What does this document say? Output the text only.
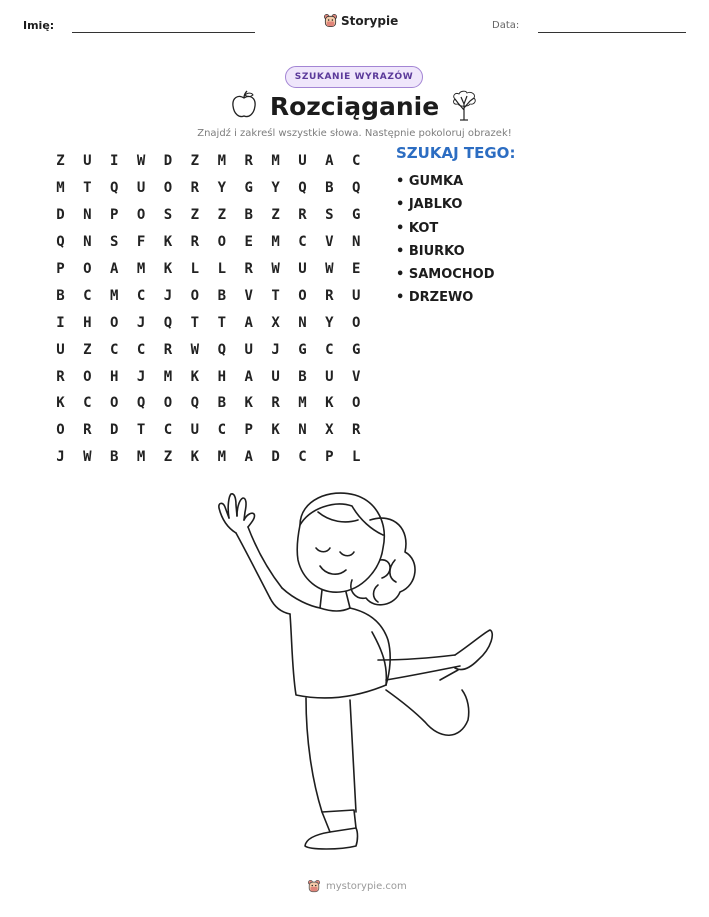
Imię:	Storypie	Data:
SZUKANIE WYRAZÓW
Rozciąganie
Znajdź i zakreśl wszystkie słowa. Następnie pokoloruj obrazek!
Z	U	I	W	D	Z	M	R	M	U	A	C
M	T	Q	U	O	R	Y	G	Y	Q	B	Q
D	N	P	O	S	Z	Z	B	Z	R	S	G
Q	N	S	F	K	R	O	E	M	C	V	N
P	O	A	M	K	L	L	R	W	U	W	E
B	C	M	C	J	O	B	V	T	O	R	U
I	H	O	J	Q	T	T	A	X	N	Y	O
U	Z	C	C	R	W	Q	U	J	G	C	G
R	O	H	J	M	K	H	A	U	B	U	V
K	C	O	Q	O	Q	B	K	R	M	K	O
O	R	D	T	C	U	C	P	K	N	X	R
J	W	B	M	Z	K	M	A	D	C	P	L
SZUKAJ TEGO:
• GUMKA
• JABLKO
• KOT
• BIURKO
• SAMOCHOD
• DRZEWO
mystorypie.com
